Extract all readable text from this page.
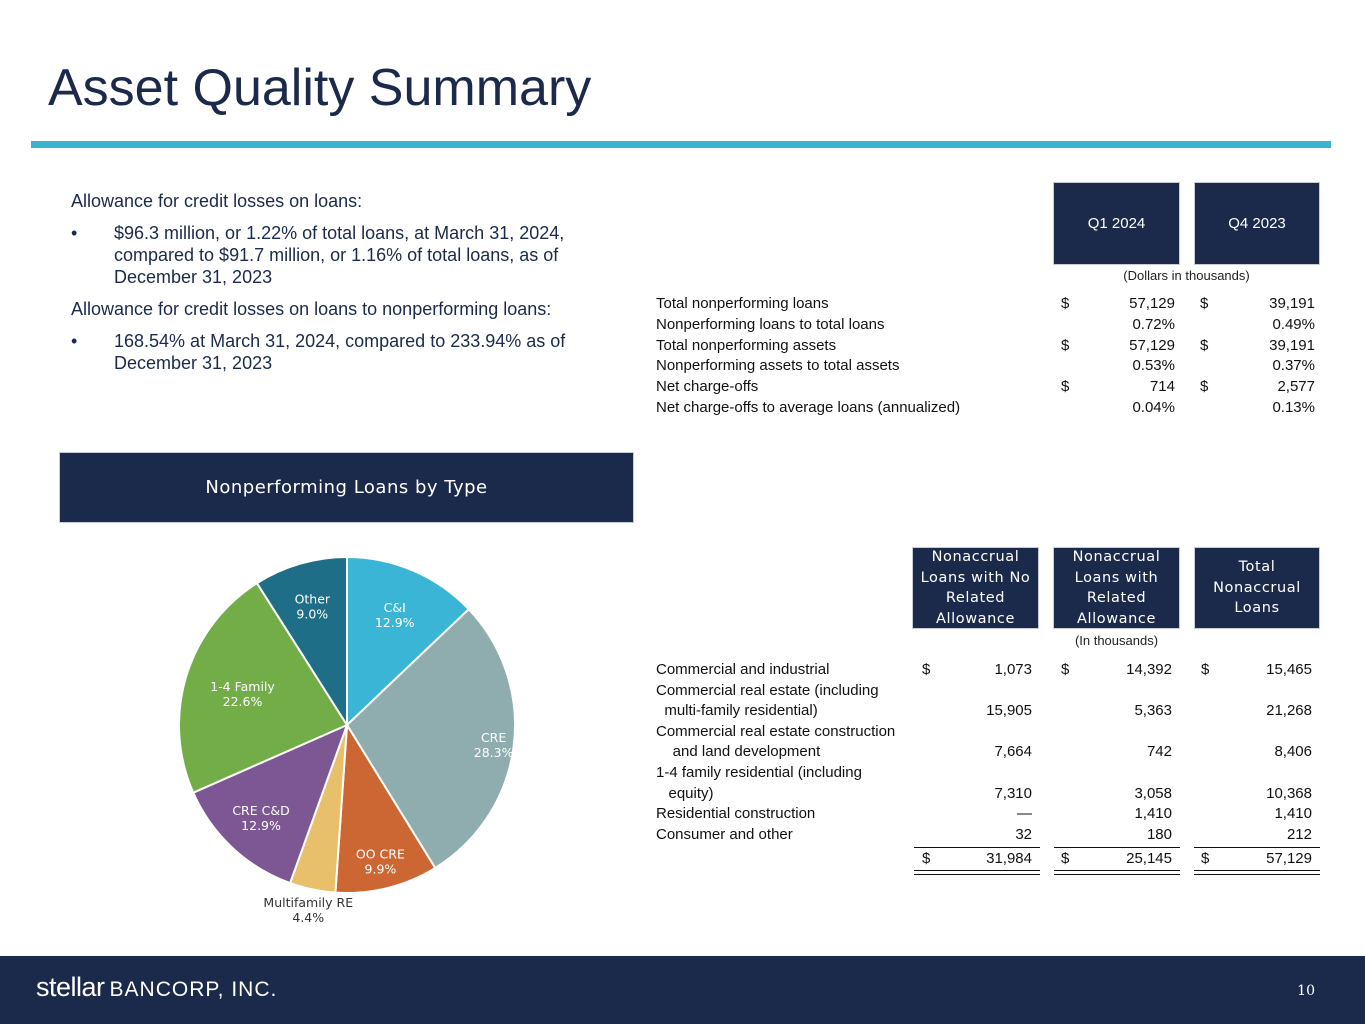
Asset Quality Summary
Allowance for credit losses on loans:
• $96.3 million, or 1.22% of total loans, at March 31, 2024, compared to $91.7 million, or 1.16% of total loans, as of December 31, 2023
Allowance for credit losses on loans to nonperforming loans:
• 168.54% at March 31, 2024, compared to 233.94% as of December 31, 2023
Q1 2024	Q4 2023
(Dollars in thousands)
Total nonperforming loans	$	57,129 $	39,191
Nonperforming loans to total loans	0.72%	0.49%
Total nonperforming assets	$	57,129 $	39,191
Nonperforming assets to total assets	0.53%	0.37%
Net charge-offs	$	714 $	2,577
Net charge-offs to average loans (annualized)	0.04%	0.13%
Nonperforming Loans by Type
C&I
12.9%
CRE
28.3%
OO CRE
9.9%
Multifamily RE
4.4%
CRE C&D
12.9%
1-4 Family
22.6%
Other
9.0%
Nonaccrual
Loans with No
Related
Allowance
Nonaccrual
Loans with
Related
Allowance
Total
Nonaccrual
Loans
(In thousands)
Commercial and industrial	$	1,073 $	14,392 $	15,465
Commercial real estate (including
multi-family residential)	15,905	5,363	21,268
Commercial real estate construction
and land development	7,664	742	8,406
1-4 family residential (including
equity)	7,310	3,058	10,368
Residential construction	—	1,410	1,410
Consumer and other	32	180	212
$	31,984 $	25,145 $	57,129
stellar BANCORP, INC.	10
